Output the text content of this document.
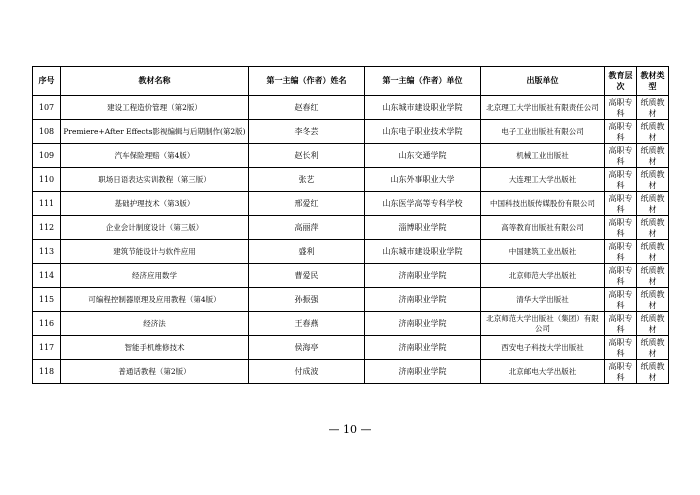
序号	教材名称	第一主编（作者）姓名	第一主编（作者）单位	出版单位	教育层次	教材类型
107	建设工程造价管理（第2版）	赵春红	山东城市建设职业学院	北京理工大学出版社有限责任公司	高职专科	纸质教材
108	Premiere+After Effects影视编辑与后期制作(第2版)	李冬芸	山东电子职业技术学院	电子工业出版社有限公司	高职专科	纸质教材
109	汽车保险理赔（第4版）	赵长利	山东交通学院	机械工业出版社	高职专科	纸质教材
110	职场日语表达实训教程（第三版）	张艺	山东外事职业大学	大连理工大学出版社	高职专科	纸质教材
111	基础护理技术（第3版）	邢爱红	山东医学高等专科学校	中国科技出版传媒股份有限公司	高职专科	纸质教材
112	企业会计制度设计（第三版）	高丽萍	淄博职业学院	高等教育出版社有限公司	高职专科	纸质教材
113	建筑节能设计与软件应用	盛利	山东城市建设职业学院	中国建筑工业出版社	高职专科	纸质教材
114	经济应用数学	曹爱民	济南职业学院	北京师范大学出版社	高职专科	纸质教材
115	可编程控制器原理及应用教程（第4版）	孙振强	济南职业学院	清华大学出版社	高职专科	纸质教材
116	经济法	王春燕	济南职业学院	北京师范大学出版社（集团）有限公司	高职专科	纸质教材
117	智能手机维修技术	侯海亭	济南职业学院	西安电子科技大学出版社	高职专科	纸质教材
118	普通话教程（第2版）	付成波	济南职业学院	北京邮电大学出版社	高职专科	纸质教材
— 10 —
